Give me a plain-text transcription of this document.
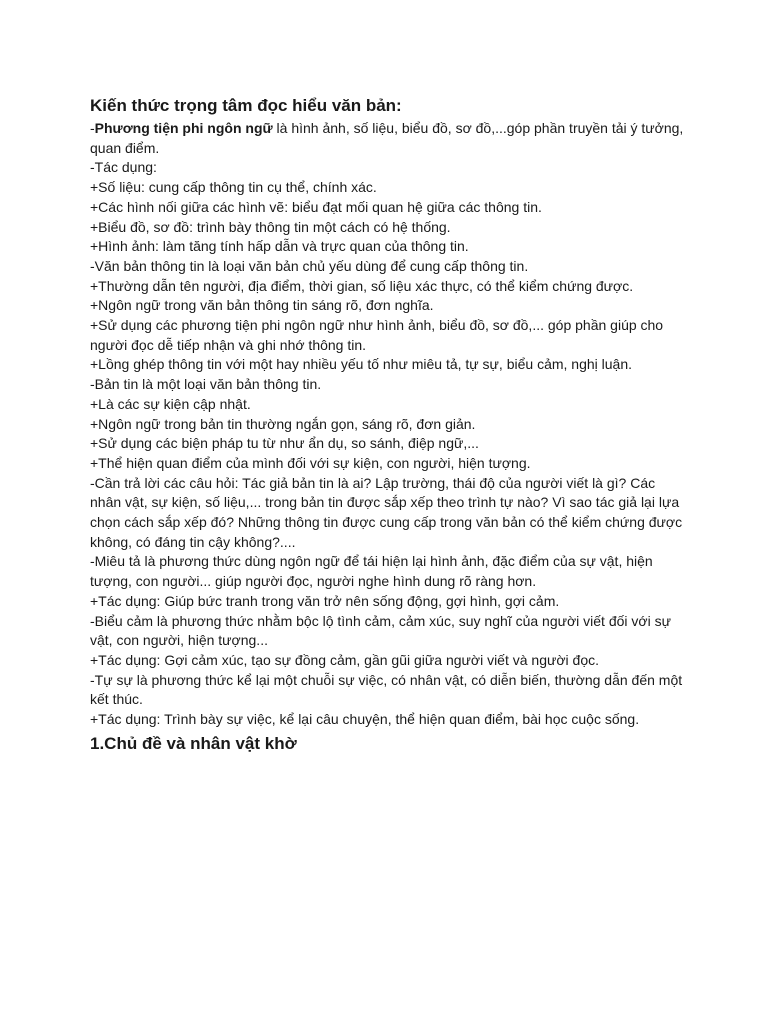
Kiến thức trọng tâm đọc hiểu văn bản:

-Phương tiện phi ngôn ngữ là hình ảnh, số liệu, biểu đồ, sơ đồ,...góp phần truyền tải ý tưởng, quan điểm.

-Tác dụng:

+Số liệu: cung cấp thông tin cụ thể, chính xác.

+Các hình nối giữa các hình vẽ: biểu đạt mối quan hệ giữa các thông tin.

+Biểu đồ, sơ đồ: trình bày thông tin một cách có hệ thống.

+Hình ảnh: làm tăng tính hấp dẫn và trực quan của thông tin.

-Văn bản thông tin là loại văn bản chủ yếu dùng để cung cấp thông tin.

+Thường dẫn tên người, địa điểm, thời gian, số liệu xác thực, có thể kiểm chứng được.

+Ngôn ngữ trong văn bản thông tin sáng rõ, đơn nghĩa.

+Sử dụng các phương tiện phi ngôn ngữ như hình ảnh, biểu đồ, sơ đồ,... góp phần giúp cho người đọc dễ tiếp nhận và ghi nhớ thông tin.

+Lồng ghép thông tin với một hay nhiều yếu tố như miêu tả, tự sự, biểu cảm, nghị luận.

-Bản tin là một loại văn bản thông tin.

+Là các sự kiện cập nhật.

+Ngôn ngữ trong bản tin thường ngắn gọn, sáng rõ, đơn giản.

+Sử dụng các biện pháp tu từ như ẩn dụ, so sánh, điệp ngữ,...

+Thể hiện quan điểm của mình đối với sự kiện, con người, hiện tượng.

-Cần trả lời các câu hỏi: Tác giả bản tin là ai? Lập trường, thái độ của người viết là gì? Các nhân vật, sự kiện, số liệu,... trong bản tin được sắp xếp theo trình tự nào? Vì sao tác giả lại lựa chọn cách sắp xếp đó? Những thông tin được cung cấp trong văn bản có thể kiểm chứng được không, có đáng tin cậy không?....

-Miêu tả là phương thức dùng ngôn ngữ để tái hiện lại hình ảnh, đặc điểm của sự vật, hiện tượng, con người... giúp người đọc, người nghe hình dung rõ ràng hơn.

+Tác dụng: Giúp bức tranh trong văn trở nên sống động, gợi hình, gợi cảm.

-Biểu cảm là phương thức nhằm bộc lộ tình cảm, cảm xúc, suy nghĩ của người viết đối với sự vật, con người, hiện tượng...

+Tác dụng: Gợi cảm xúc, tạo sự đồng cảm, gần gũi giữa người viết và người đọc.

-Tự sự là phương thức kể lại một chuỗi sự việc, có nhân vật, có diễn biến, thường dẫn đến một kết thúc.

+Tác dụng: Trình bày sự việc, kể lại câu chuyện, thể hiện quan điểm, bài học cuộc sống.

1.Chủ đề và nhân vật khờ
